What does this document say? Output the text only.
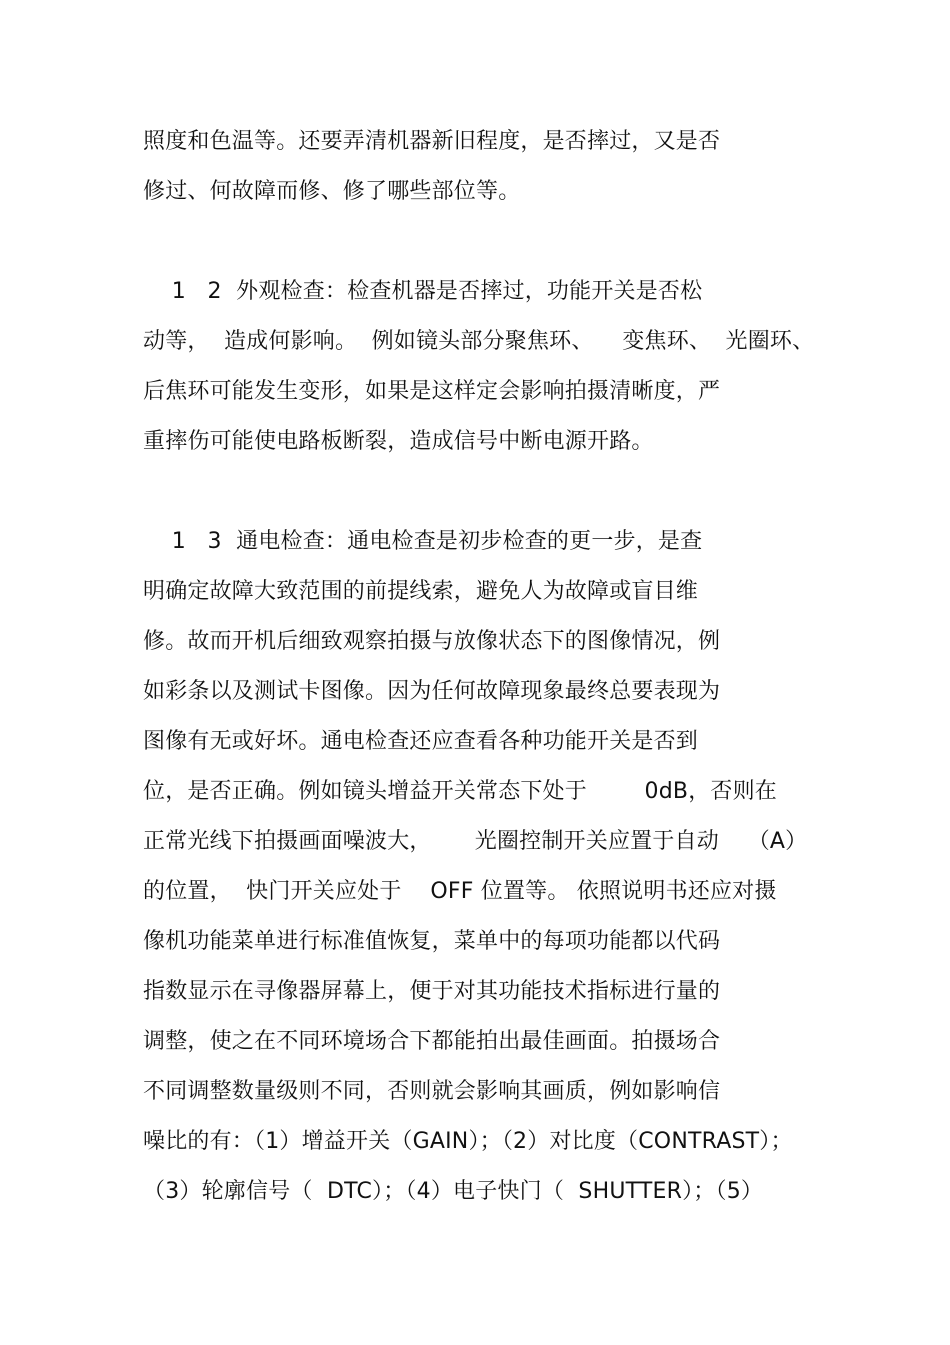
照度和色温等。还要弄清机器新旧程度，是否摔过，又是否
修过、何故障而修、修了哪些部位等。
1   2  外观检查：检查机器是否摔过，功能开关是否松
动等，  造成何影响。  例如镜头部分聚焦环、    变焦环、  光圈环、
后焦环可能发生变形，如果是这样定会影响拍摄清晰度，严
重摔伤可能使电路板断裂，造成信号中断电源开路。
1   3  通电检查：通电检查是初步检查的更一步，是查
明确定故障大致范围的前提线索，避免人为故障或盲目维
修。故而开机后细致观察拍摄与放像状态下的图像情况，例
如彩条以及测试卡图像。因为任何故障现象最终总要表现为
图像有无或好坏。通电检查还应查看各种功能开关是否到
位，是否正确。例如镜头增益开关常态下处于        0dB，否则在
正常光线下拍摄画面噪波大，      光圈控制开关应置于自动    （A）
的位置，  快门开关应处于    OFF 位置等。 依照说明书还应对摄
像机功能菜单进行标准值恢复，菜单中的每项功能都以代码
指数显示在寻像器屏幕上，便于对其功能技术指标进行量的
调整，使之在不同环境场合下都能拍出最佳画面。拍摄场合
不同调整数量级则不同，否则就会影响其画质，例如影响信
噪比的有：（1）增益开关（GAIN）；（2）对比度（CONTRAST）；
（3）轮廓信号（  DTC）；（4）电子快门（  SHUTTER）；（5）
